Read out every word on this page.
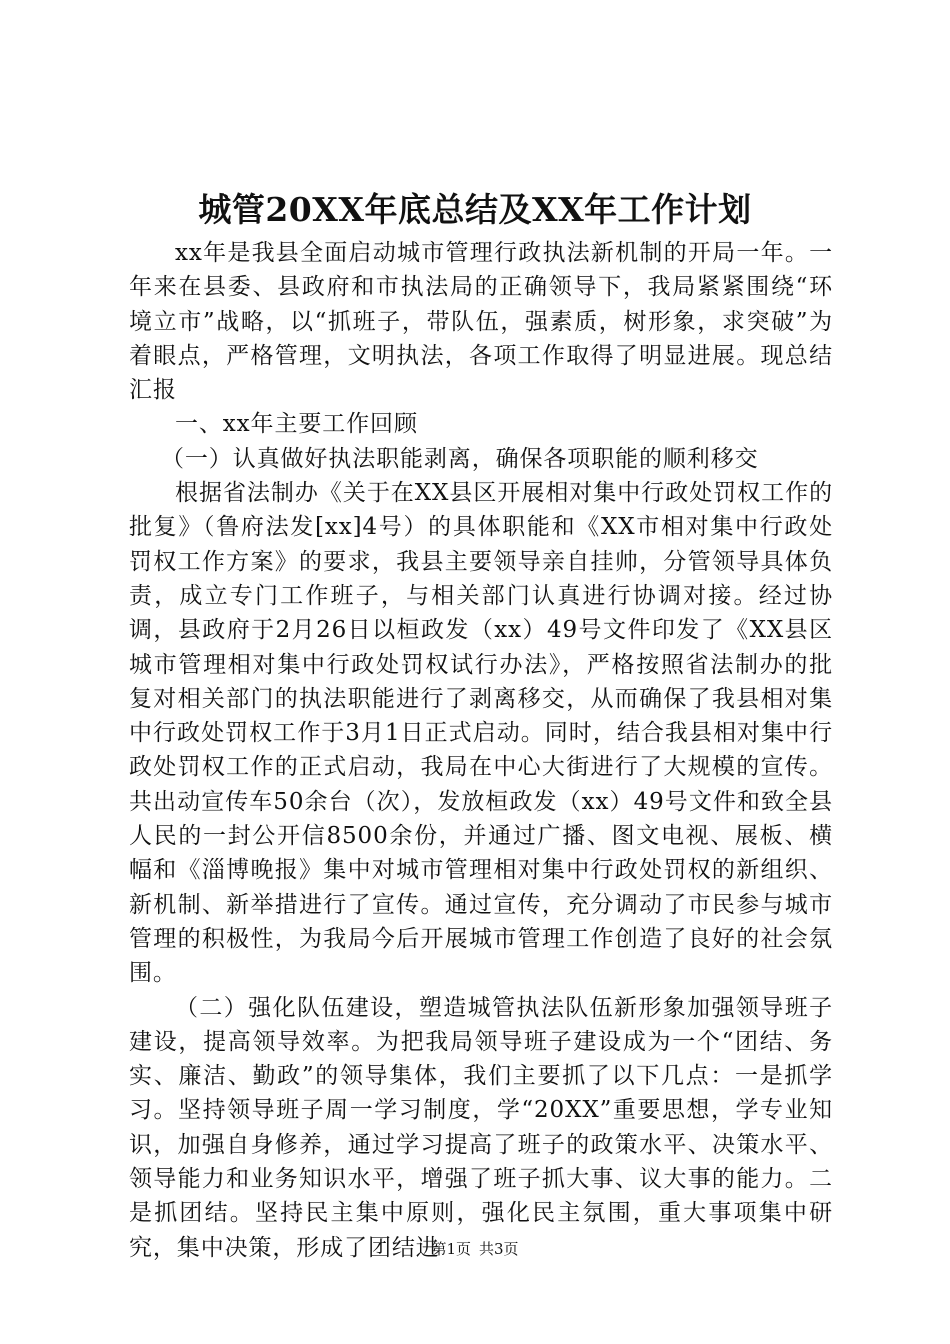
城管20XX年底总结及XX年工作计划

xx年是我县全面启动城市管理行政执法新机制的开局一年。一年来在县委、县政府和市执法局的正确领导下，我局紧紧围绕“环境立市”战略，以“抓班子，带队伍，强素质，树形象，求突破”为着眼点，严格管理，文明执法，各项工作取得了明显进展。现总结汇报

一、xx年主要工作回顾

（一）认真做好执法职能剥离，确保各项职能的顺利移交

根据省法制办《关于在XX县区开展相对集中行政处罚权工作的批复》（鲁府法发[xx]4号）的具体职能和《XX市相对集中行政处罚权工作方案》的要求，我县主要领导亲自挂帅，分管领导具体负责，成立专门工作班子，与相关部门认真进行协调对接。经过协调，县政府于2月26日以桓政发（xx）49号文件印发了《XX县区城市管理相对集中行政处罚权试行办法》，严格按照省法制办的批复对相关部门的执法职能进行了剥离移交，从而确保了我县相对集中行政处罚权工作于3月1日正式启动。同时，结合我县相对集中行政处罚权工作的正式启动，我局在中心大街进行了大规模的宣传。共出动宣传车50余台（次），发放桓政发（xx）49号文件和致全县人民的一封公开信8500余份，并通过广播、图文电视、展板、横幅和《淄博晚报》集中对城市管理相对集中行政处罚权的新组织、新机制、新举措进行了宣传。通过宣传，充分调动了市民参与城市管理的积极性，为我局今后开展城市管理工作创造了良好的社会氛围。

（二）强化队伍建设，塑造城管执法队伍新形象加强领导班子建设，提高领导效率。为把我局领导班子建设成为一个“团结、务实、廉洁、勤政”的领导集体，我们主要抓了以下几点：一是抓学习。坚持领导班子周一学习制度，学“20XX”重要思想，学专业知识，加强自身修养，通过学习提高了班子的政策水平、决策水平、领导能力和业务知识水平，增强了班子抓大事、议大事的能力。二是抓团结。坚持民主集中原则，强化民主氛围，重大事项集中研究，集中决策，形成了团结进

第1页 共3页
